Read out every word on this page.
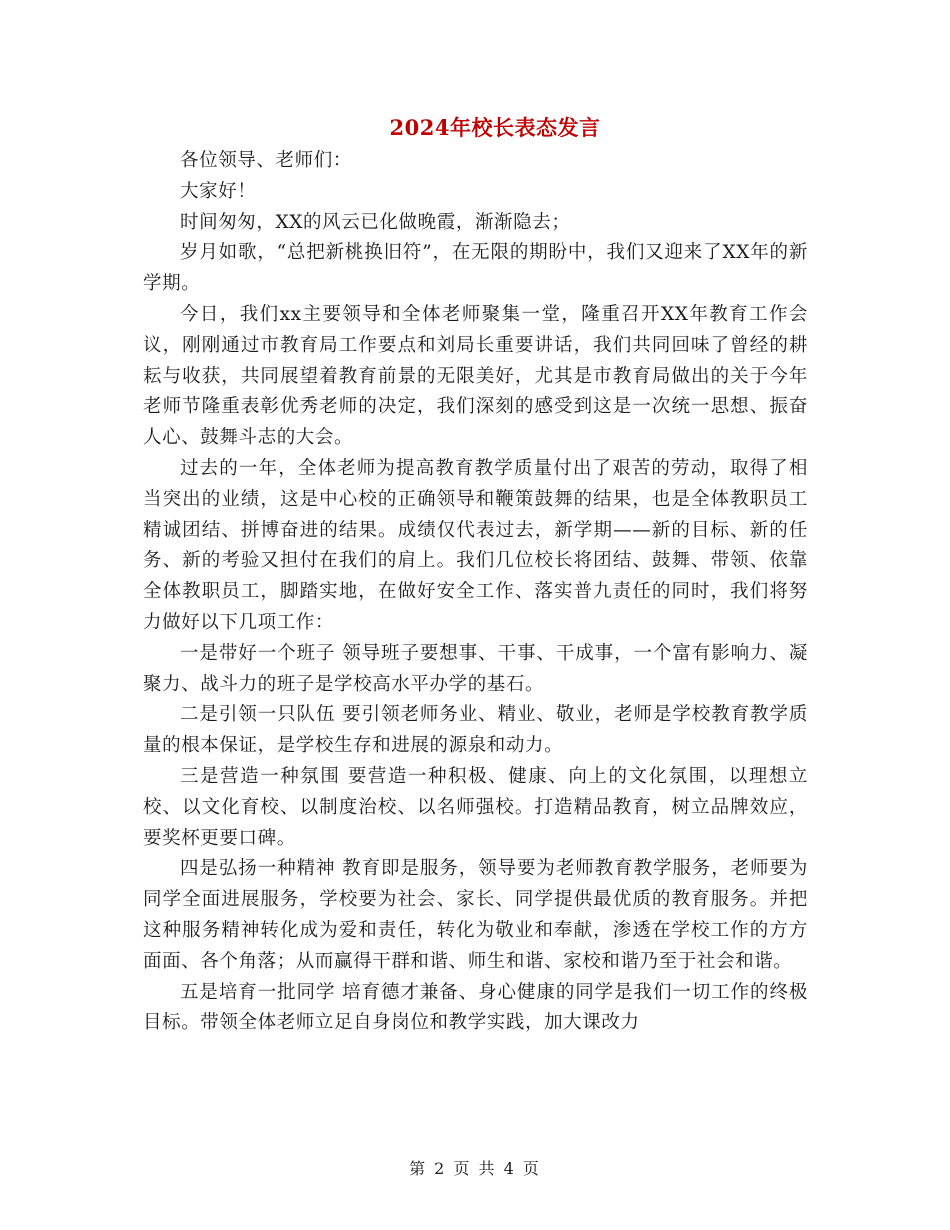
2024年校长表态发言

各位领导、老师们：

大家好！

时间匆匆，XX的风云已化做晚霞，渐渐隐去；

岁月如歌，“总把新桃换旧符”，在无限的期盼中，我们又迎来了XX年的新学期。

今日，我们xx主要领导和全体老师聚集一堂，隆重召开XX年教育工作会议，刚刚通过市教育局工作要点和刘局长重要讲话，我们共同回味了曾经的耕耘与收获，共同展望着教育前景的无限美好，尤其是市教育局做出的关于今年老师节隆重表彰优秀老师的决定，我们深刻的感受到这是一次统一思想、振奋人心、鼓舞斗志的大会。

过去的一年，全体老师为提高教育教学质量付出了艰苦的劳动，取得了相当突出的业绩，这是中心校的正确领导和鞭策鼓舞的结果，也是全体教职员工精诚团结、拼博奋进的结果。成绩仅代表过去，新学期——新的目标、新的任务、新的考验又担付在我们的肩上。我们几位校长将团结、鼓舞、带领、依靠全体教职员工，脚踏实地，在做好安全工作、落实普九责任的同时，我们将努力做好以下几项工作：

一是带好一个班子 领导班子要想事、干事、干成事，一个富有影响力、凝聚力、战斗力的班子是学校高水平办学的基石。

二是引领一只队伍 要引领老师务业、精业、敬业，老师是学校教育教学质量的根本保证，是学校生存和进展的源泉和动力。

三是营造一种氛围 要营造一种积极、健康、向上的文化氛围，以理想立校、以文化育校、以制度治校、以名师强校。打造精品教育，树立品牌效应，要奖杯更要口碑。

四是弘扬一种精神 教育即是服务，领导要为老师教育教学服务，老师要为同学全面进展服务，学校要为社会、家长、同学提供最优质的教育服务。并把这种服务精神转化成为爱和责任，转化为敬业和奉献，渗透在学校工作的方方面面、各个角落；从而赢得干群和谐、师生和谐、家校和谐乃至于社会和谐。

五是培育一批同学 培育德才兼备、身心健康的同学是我们一切工作的终极目标。带领全体老师立足自身岗位和教学实践，加大课改力

第 2 页 共 4 页
